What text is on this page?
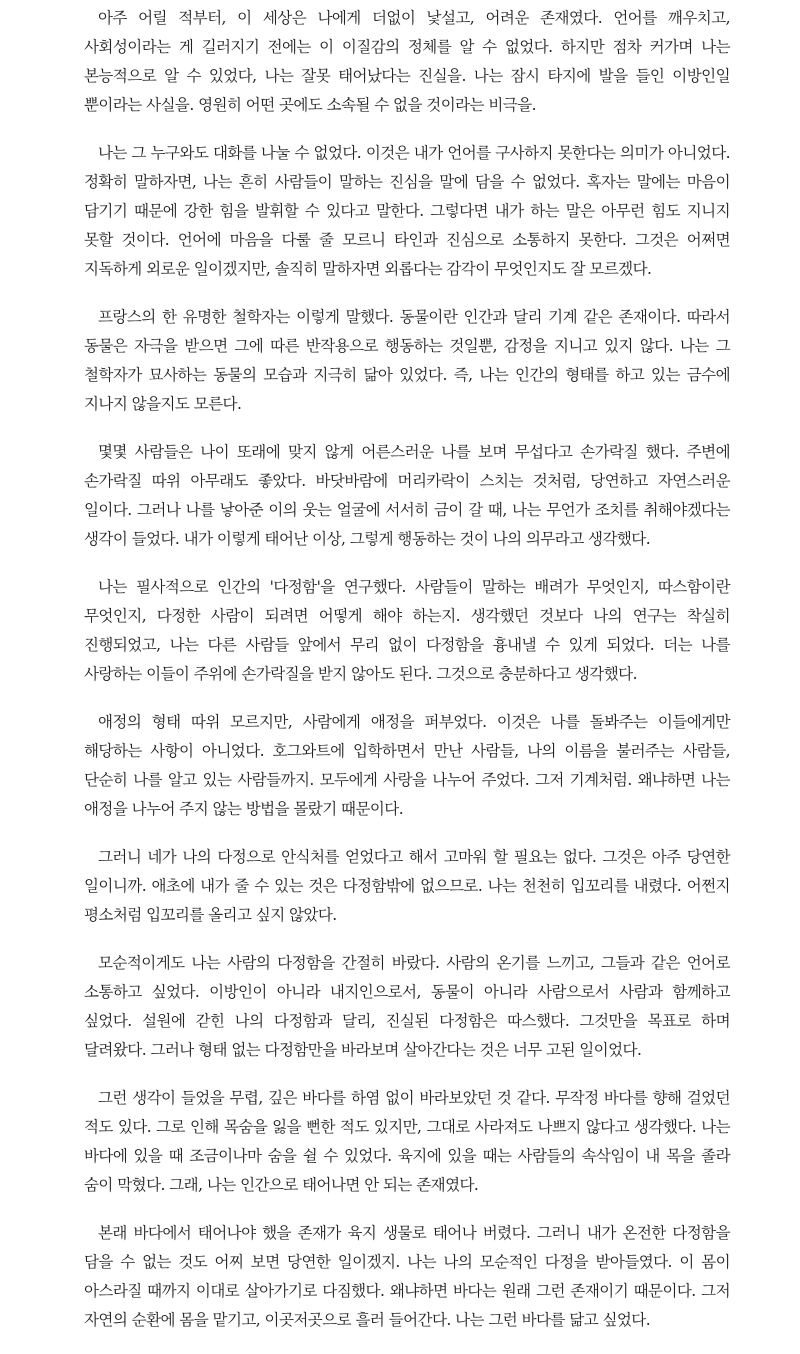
아주 어릴 적부터, 이 세상은 나에게 더없이 낯설고, 어려운 존재였다. 언어를 깨우치고, 사회성이라는 게 길러지기 전에는 이 이질감의 정체를 알 수 없었다. 하지만 점차 커가며 나는 본능적으로 알 수 있었다, 나는 잘못 태어났다는 진실을. 나는 잠시 타지에 발을 들인 이방인일 뿐이라는 사실을. 영원히 어떤 곳에도 소속될 수 없을 것이라는 비극을.

나는 그 누구와도 대화를 나눌 수 없었다. 이것은 내가 언어를 구사하지 못한다는 의미가 아니었다. 정확히 말하자면, 나는 흔히 사람들이 말하는 진심을 말에 담을 수 없었다. 혹자는 말에는 마음이 담기기 때문에 강한 힘을 발휘할 수 있다고 말한다. 그렇다면 내가 하는 말은 아무런 힘도 지니지 못할 것이다. 언어에 마음을 다룰 줄 모르니 타인과 진심으로 소통하지 못한다. 그것은 어쩌면 지독하게 외로운 일이겠지만, 솔직히 말하자면 외롭다는 감각이 무엇인지도 잘 모르겠다.

프랑스의 한 유명한 철학자는 이렇게 말했다. 동물이란 인간과 달리 기계 같은 존재이다. 따라서 동물은 자극을 받으면 그에 따른 반작용으로 행동하는 것일뿐, 감정을 지니고 있지 않다. 나는 그 철학자가 묘사하는 동물의 모습과 지극히 닮아 있었다. 즉, 나는 인간의 형태를 하고 있는 금수에 지나지 않을지도 모른다.

몇몇 사람들은 나이 또래에 맞지 않게 어른스러운 나를 보며 무섭다고 손가락질 했다. 주변에 손가락질 따위 아무래도 좋았다. 바닷바람에 머리카락이 스치는 것처럼, 당연하고 자연스러운 일이다. 그러나 나를 낳아준 이의 웃는 얼굴에 서서히 금이 갈 때, 나는 무언가 조치를 취해야겠다는 생각이 들었다. 내가 이렇게 태어난 이상, 그렇게 행동하는 것이 나의 의무라고 생각했다.

나는 필사적으로 인간의 '다정함'을 연구했다. 사람들이 말하는 배려가 무엇인지, 따스함이란 무엇인지, 다정한 사람이 되려면 어떻게 해야 하는지. 생각했던 것보다 나의 연구는 착실히 진행되었고, 나는 다른 사람들 앞에서 무리 없이 다정함을 흉내낼 수 있게 되었다. 더는 나를 사랑하는 이들이 주위에 손가락질을 받지 않아도 된다. 그것으로 충분하다고 생각했다.

애정의 형태 따위 모르지만, 사람에게 애정을 퍼부었다. 이것은 나를 돌봐주는 이들에게만 해당하는 사항이 아니었다. 호그와트에 입학하면서 만난 사람들, 나의 이름을 불러주는 사람들, 단순히 나를 알고 있는 사람들까지. 모두에게 사랑을 나누어 주었다. 그저 기계처럼. 왜냐하면 나는 애정을 나누어 주지 않는 방법을 몰랐기 때문이다.

그러니 네가 나의 다정으로 안식처를 얻었다고 해서 고마워 할 필요는 없다. 그것은 아주 당연한 일이니까. 애초에 내가 줄 수 있는 것은 다정함밖에 없으므로. 나는 천천히 입꼬리를 내렸다. 어쩐지 평소처럼 입꼬리를 올리고 싶지 않았다.

모순적이게도 나는 사람의 다정함을 간절히 바랐다. 사람의 온기를 느끼고, 그들과 같은 언어로 소통하고 싶었다. 이방인이 아니라 내지인으로서, 동물이 아니라 사람으로서 사람과 함께하고 싶었다. 설원에 갇힌 나의 다정함과 달리, 진실된 다정함은 따스했다. 그것만을 목표로 하며 달려왔다. 그러나 형태 없는 다정함만을 바라보며 살아간다는 것은 너무 고된 일이었다.

그런 생각이 들었을 무렵, 깊은 바다를 하염 없이 바라보았던 것 같다. 무작정 바다를 향해 걸었던 적도 있다. 그로 인해 목숨을 잃을 뻔한 적도 있지만, 그대로 사라져도 나쁘지 않다고 생각했다. 나는 바다에 있을 때 조금이나마 숨을 쉴 수 있었다. 육지에 있을 때는 사람들의 속삭임이 내 목을 졸라 숨이 막혔다. 그래, 나는 인간으로 태어나면 안 되는 존재였다.

본래 바다에서 태어나야 했을 존재가 육지 생물로 태어나 버렸다. 그러니 내가 온전한 다정함을 담을 수 없는 것도 어찌 보면 당연한 일이겠지. 나는 나의 모순적인 다정을 받아들였다. 이 몸이 아스라질 때까지 이대로 살아가기로 다짐했다. 왜냐하면 바다는 원래 그런 존재이기 때문이다. 그저 자연의 순환에 몸을 맡기고, 이곳저곳으로 흘러 들어간다. 나는 그런 바다를 닮고 싶었다.
